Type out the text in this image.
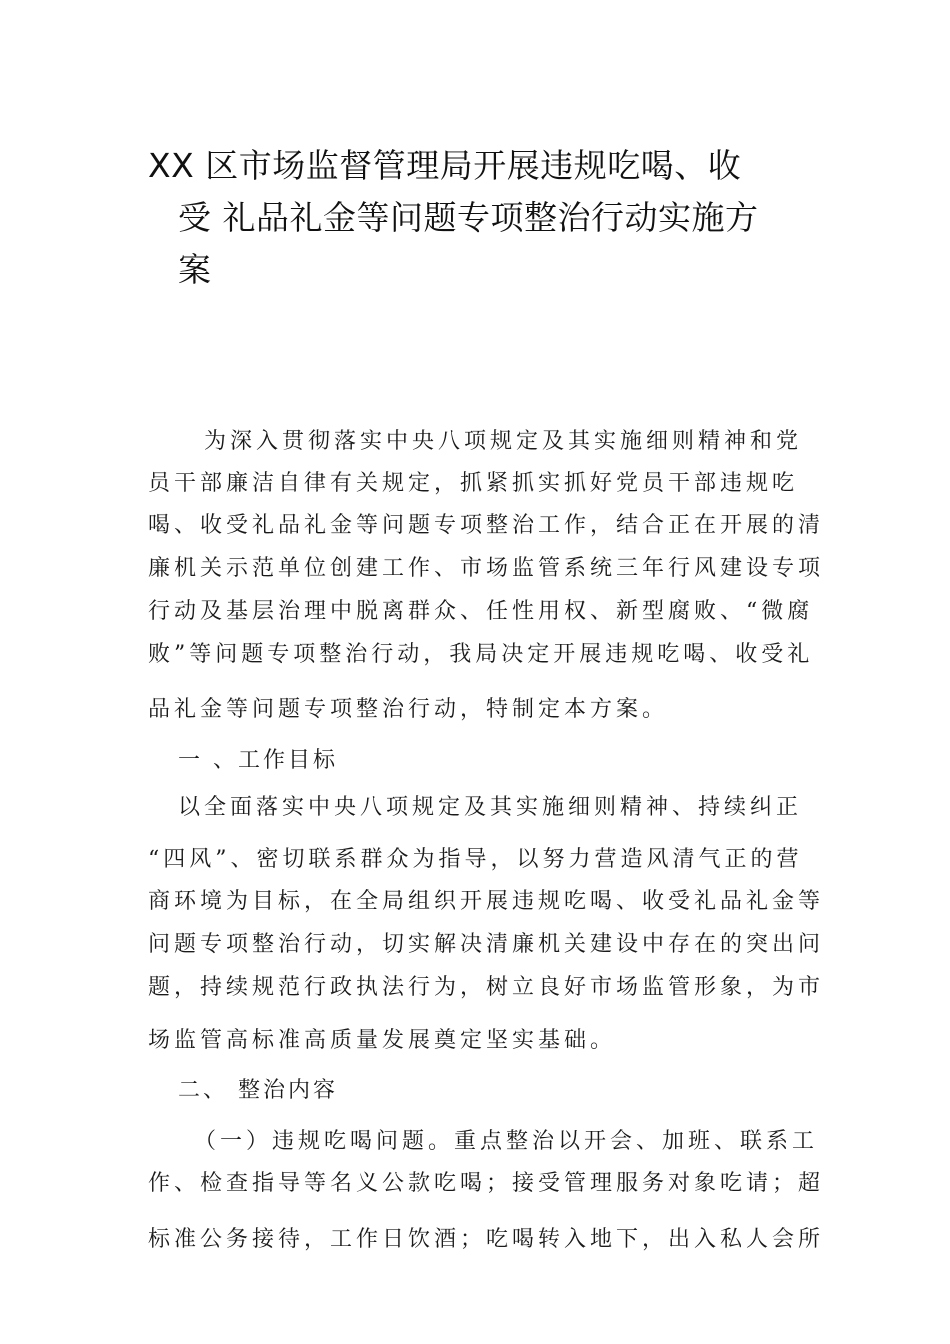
XX 区市场监督管理局开展违规吃喝、收
受 礼品礼金等问题专项整治行动实施方
案
为深入贯彻落实中央八项规定及其实施细则精神和党
员干部廉洁自律有关规定，抓紧抓实抓好党员干部违规吃
喝、收受礼品礼金等问题专项整治工作，结合正在开展的清
廉机关示范单位创建工作、市场监管系统三年行风建设专项
行动及基层治理中脱离群众、任性用权、新型腐败、“微腐
败”等问题专项整治行动，我局决定开展违规吃喝、收受礼
品礼金等问题专项整治行动，特制定本方案。
一 、工作目标
以全面落实中央八项规定及其实施细则精神、持续纠正
“四风”、密切联系群众为指导，以努力营造风清气正的营
商环境为目标，在全局组织开展违规吃喝、收受礼品礼金等
问题专项整治行动，切实解决清廉机关建设中存在的突出问
题，持续规范行政执法行为，树立良好市场监管形象，为市
场监管高标准高质量发展奠定坚实基础。
二、 整治内容
（一）违规吃喝问题。重点整治以开会、加班、联系工
作、检查指导等名义公款吃喝；接受管理服务对象吃请；超
标准公务接待，工作日饮酒；吃喝转入地下，出入私人会所
